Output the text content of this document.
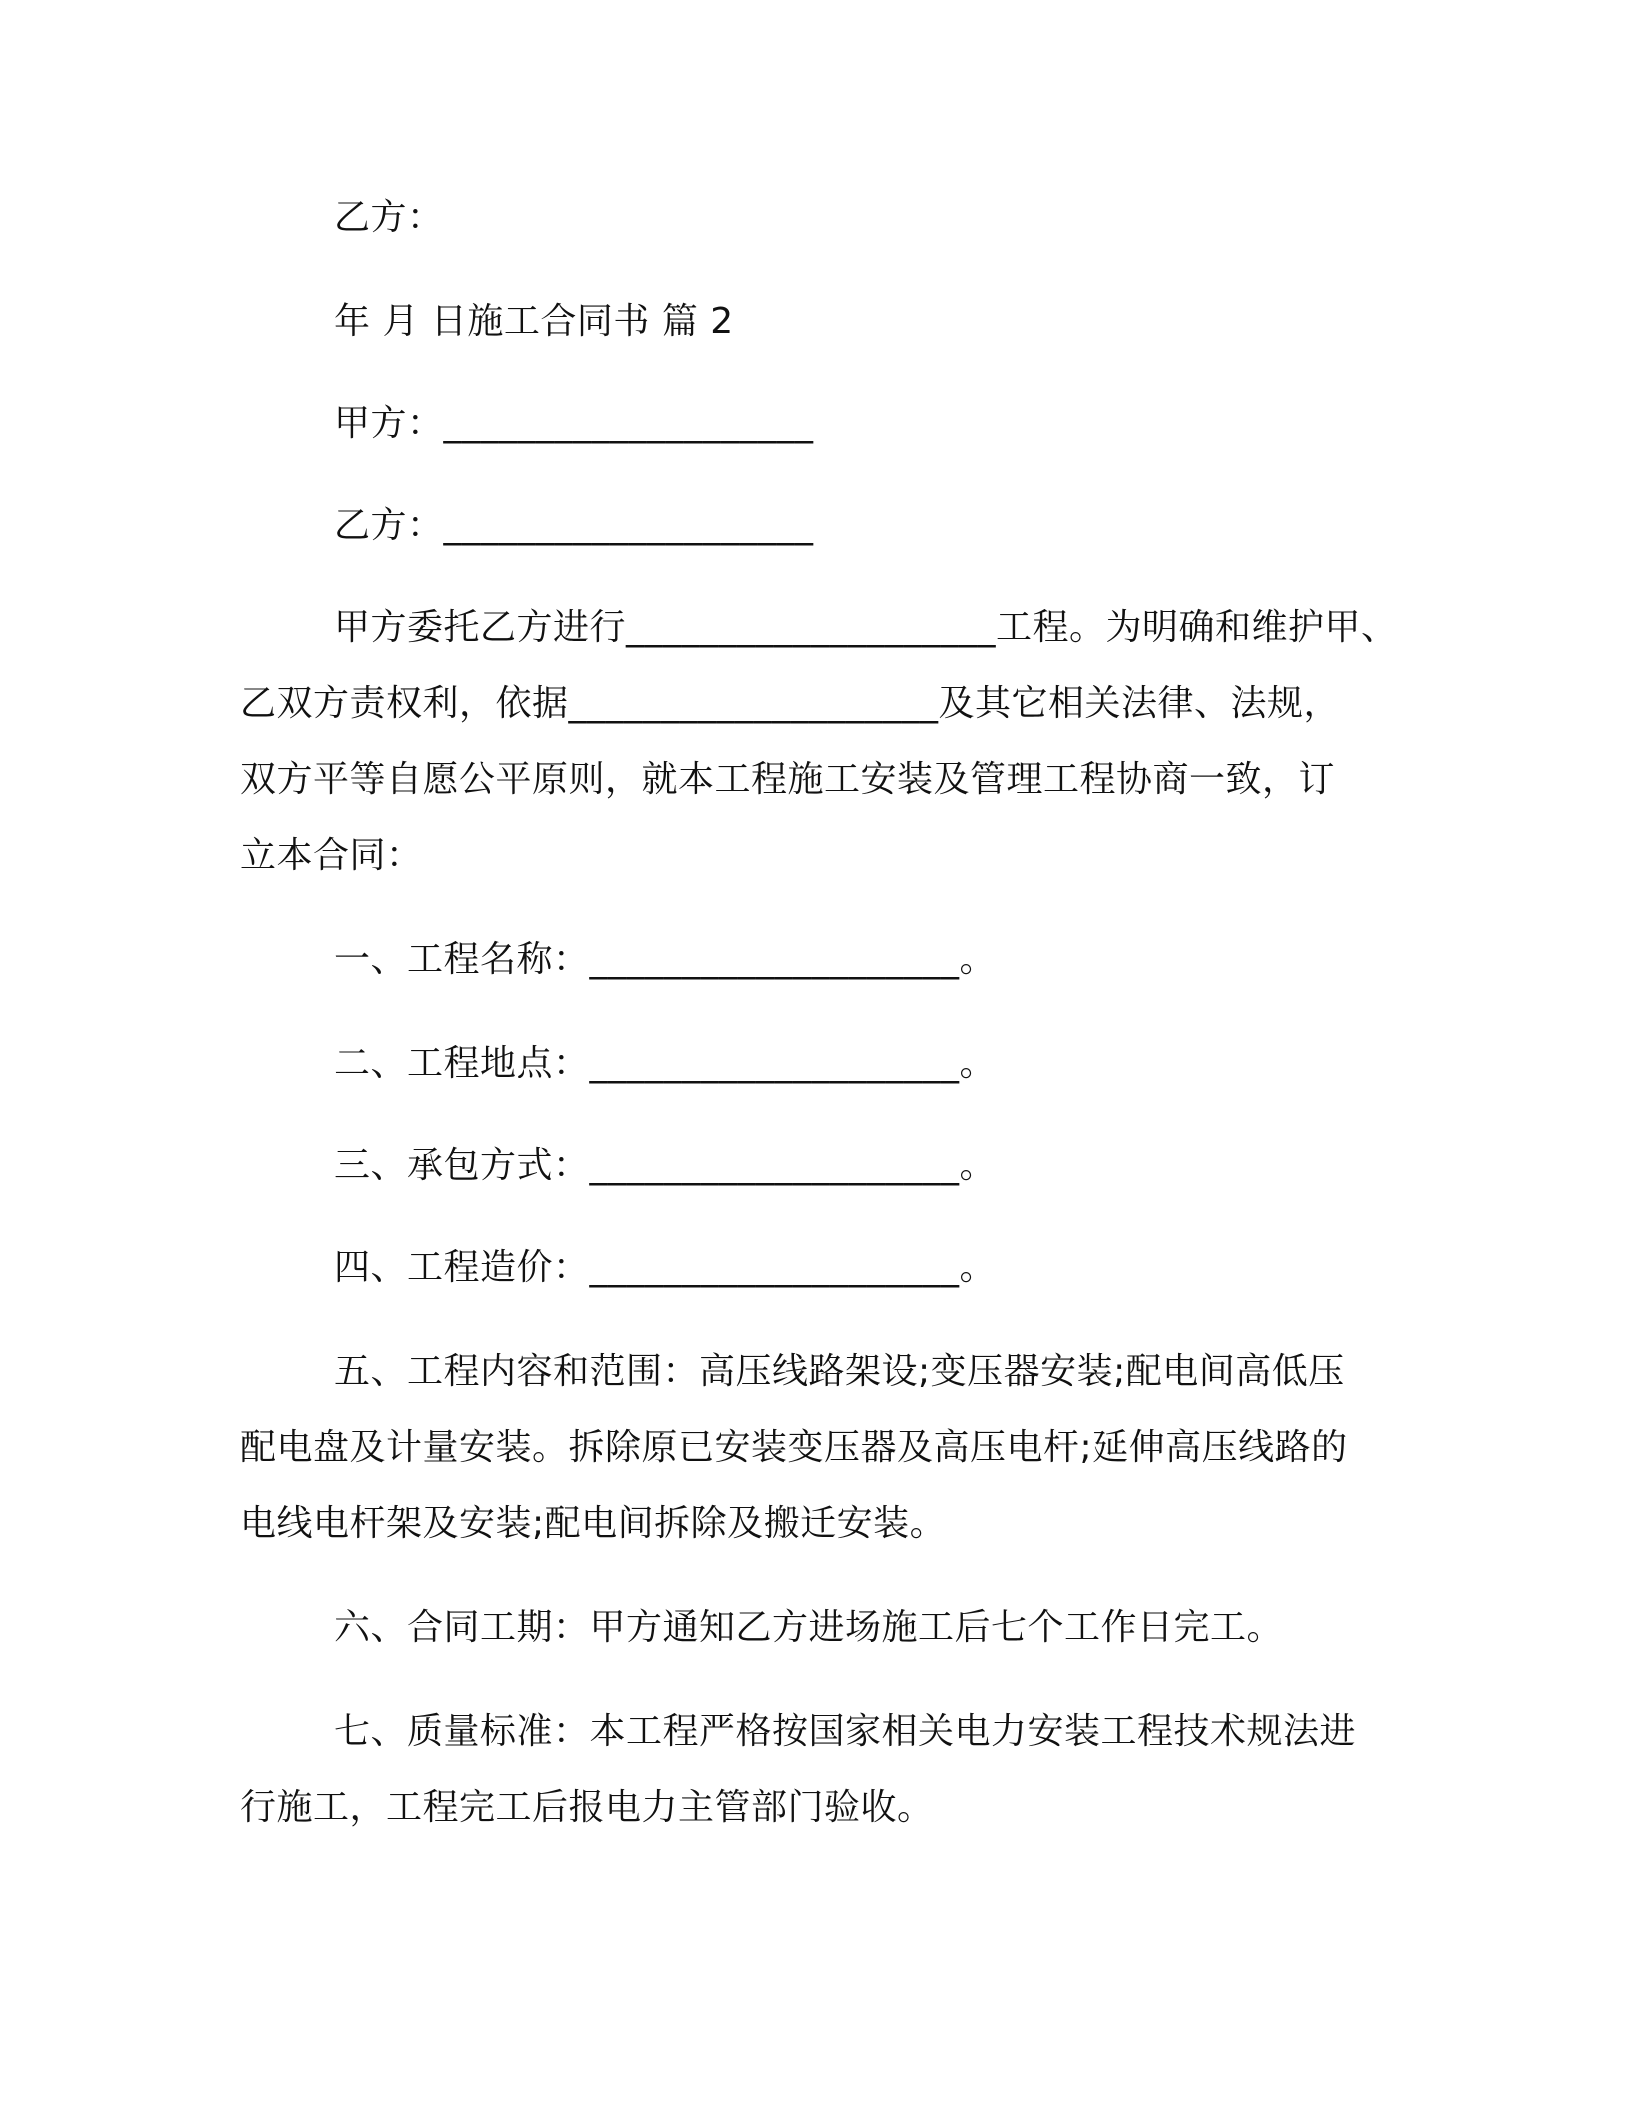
乙方：
年 月 日施工合同书 篇 2
甲方：____________________
乙方：____________________
甲方委托乙方进行____________________工程。为明确和维护甲、
乙双方责权利，依据____________________及其它相关法律、法规，
双方平等自愿公平原则，就本工程施工安装及管理工程协商一致，订
立本合同：
一、工程名称：____________________。
二、工程地点：____________________。
三、承包方式：____________________。
四、工程造价：____________________。
五、工程内容和范围：高压线路架设;变压器安装;配电间高低压
配电盘及计量安装。拆除原已安装变压器及高压电杆;延伸高压线路的
电线电杆架及安装;配电间拆除及搬迁安装。
六、合同工期：甲方通知乙方进场施工后七个工作日完工。
七、质量标准：本工程严格按国家相关电力安装工程技术规法进
行施工，工程完工后报电力主管部门验收。
